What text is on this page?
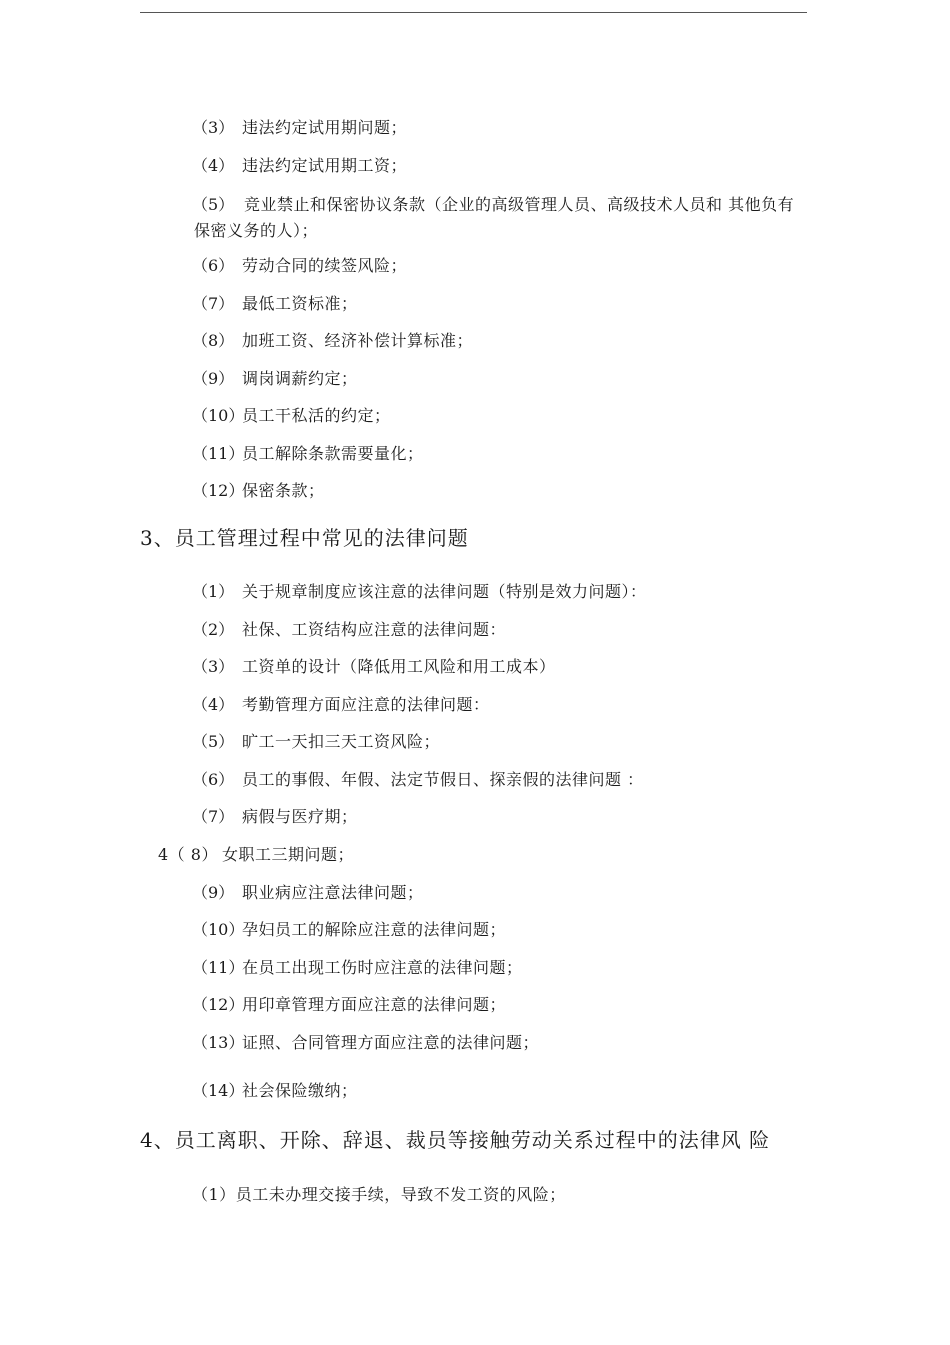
（3） 违法约定试用期问题；
（4） 违法约定试用期工资；
（5） 竞业禁止和保密协议条款（企业的高级管理人员、高级技术人员和 其他负有保密义务的人）；
（6） 劳动合同的续签风险；
（7） 最低工资标准；
（8） 加班工资、经济补偿计算标准；
（9） 调岗调薪约定；
（10）员工干私活的约定；
（11）员工解除条款需要量化；
（12）保密条款；
3、员工管理过程中常见的法律问题
（1） 关于规章制度应该注意的法律问题（特别是效力问题）：
（2） 社保、工资结构应注意的法律问题：
（3） 工资单的设计（降低用工风险和用工成本）
（4） 考勤管理方面应注意的法律问题：
（5） 旷工一天扣三天工资风险；
（6） 员工的事假、年假、法定节假日、探亲假的法律问题 ：
（7） 病假与医疗期；
4（ 8） 女职工三期问题；
（9） 职业病应注意法律问题；
（10）孕妇员工的解除应注意的法律问题；
（11）在员工出现工伤时应注意的法律问题；
（12）用印章管理方面应注意的法律问题；
（13）证照、合同管理方面应注意的法律问题；
（14）社会保险缴纳；
4、员工离职、开除、辞退、裁员等接触劳动关系过程中的法律风 险
（1）员工未办理交接手续，导致不发工资的风险；
